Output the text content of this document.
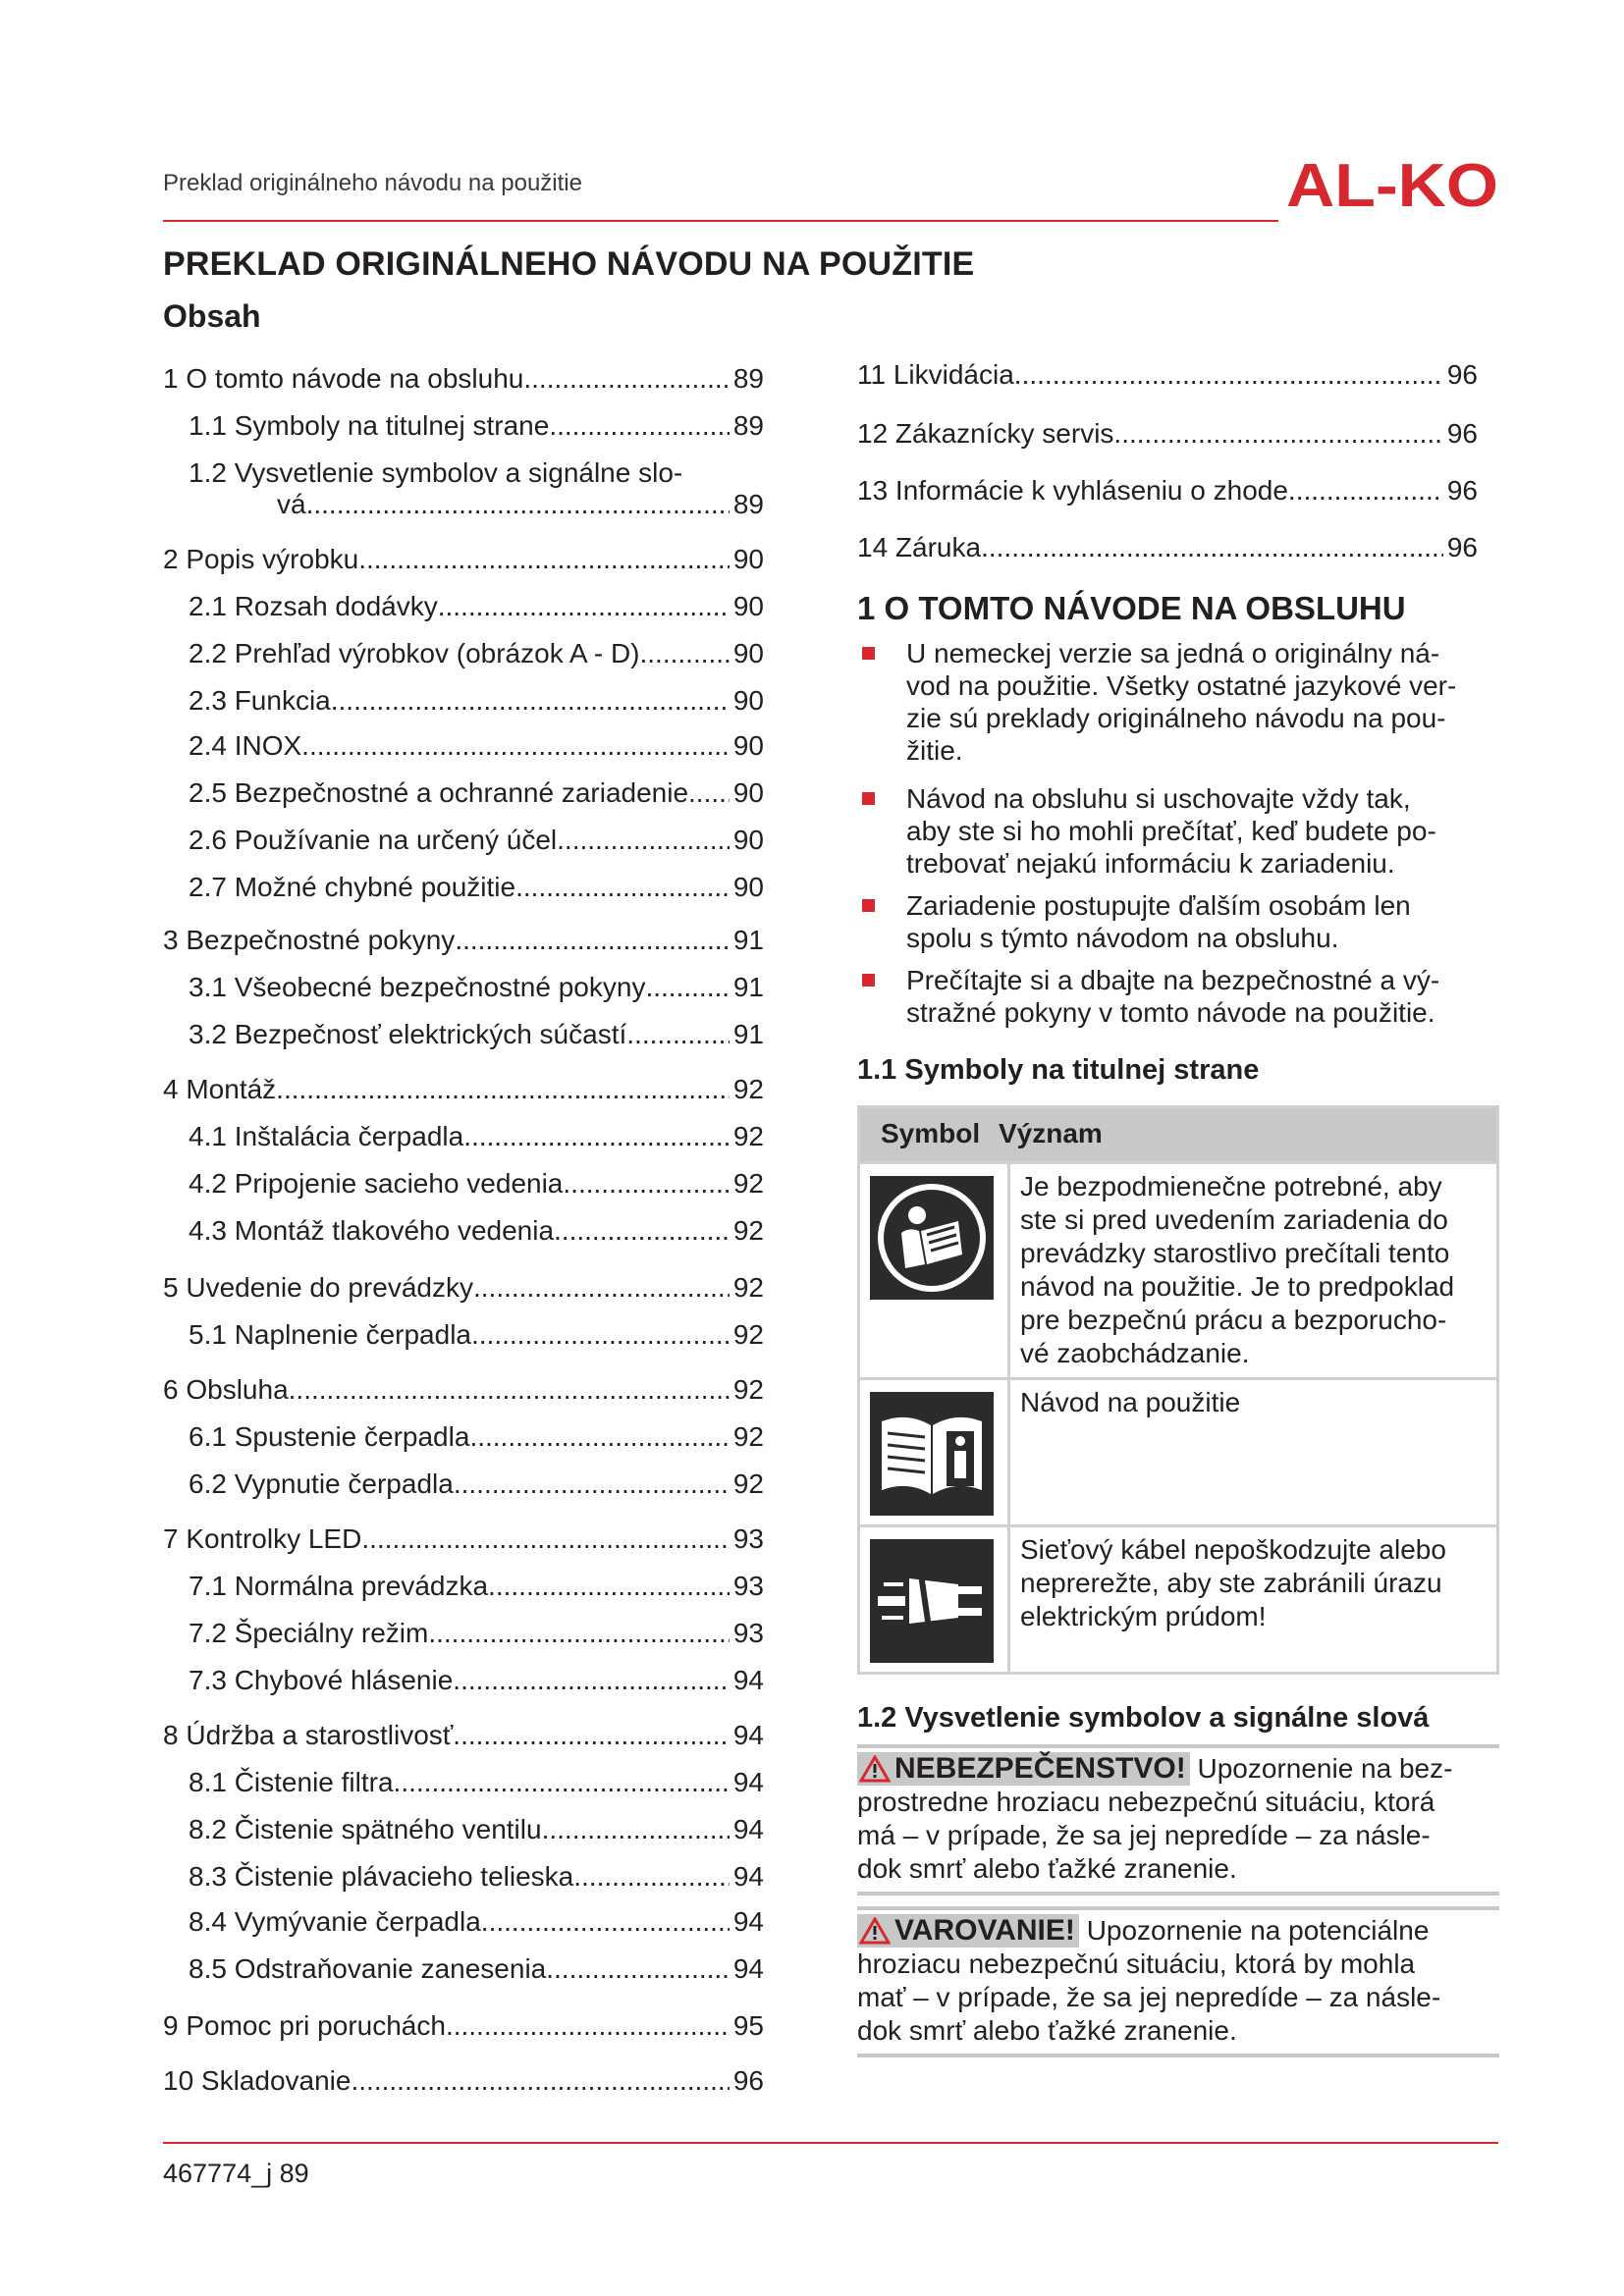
Preklad originálneho návodu na použitie	AL-KO
PREKLAD ORIGINÁLNEHO NÁVODU NA POUŽITIE
Obsah
1 O tomto návode na obsluhu .....	89
1.1 Symboly na titulnej strane .....	89
1.2 Vysvetlenie symbolov a signálne slo-
vá .....	89
2 Popis výrobku .....	90
2.1 Rozsah dodávky .....	90
2.2 Prehľad výrobkov (obrázok A - D) .....	90
2.3 Funkcia .....	90
2.4 INOX .....	90
2.5 Bezpečnostné a ochranné zariadenie ..... 90
2.6 Používanie na určený účel .....	90
2.7 Možné chybné použitie .....	90
3 Bezpečnostné pokyny .....	91
3.1 Všeobecné bezpečnostné pokyny .....	91
3.2 Bezpečnosť elektrických súčastí .....	91
4 Montáž .....	92
4.1 Inštalácia čerpadla .....	92
4.2 Pripojenie sacieho vedenia .....	92
4.3 Montáž tlakového vedenia .....	92
5 Uvedenie do prevádzky .....	92
5.1 Naplnenie čerpadla .....	92
6 Obsluha .....	92
6.1 Spustenie čerpadla .....	92
6.2 Vypnutie čerpadla .....	92
7 Kontrolky LED .....	93
7.1 Normálna prevádzka .....	93
7.2 Špeciálny režim .....	93
7.3 Chybové hlásenie .....	94
8 Údržba a starostlivosť .....	94
8.1 Čistenie filtra .....	94
8.2 Čistenie spätného ventilu .....	94
8.3 Čistenie plávacieho telieska .....	94
8.4 Vymývanie čerpadla .....	94
8.5 Odstraňovanie zanesenia .....	94
9 Pomoc pri poruchách .....	95
10 Skladovanie .....	96
11 Likvidácia .....	96
12 Zákaznícky servis .....	96
13 Informácie k vyhláseniu o zhode .....	96
14 Záruka .....	96
1 O TOMTO NÁVODE NA OBSLUHU
U nemeckej verzie sa jedná o originálny ná-
vod na použitie. Všetky ostatné jazykové ver-
zie sú preklady originálneho návodu na pou-
žitie.
Návod na obsluhu si uschovajte vždy tak,
aby ste si ho mohli prečítať, keď budete po-
trebovať nejakú informáciu k zariadeniu.
Zariadenie postupujte ďalším osobám len
spolu s týmto návodom na obsluhu.
Prečítajte si a dbajte na bezpečnostné a vý-
stražné pokyny v tomto návode na použitie.
1.1 Symboly na titulnej strane
Symbol Význam
Je bezpodmienečne potrebné, aby
ste si pred uvedením zariadenia do
prevádzky starostlivo prečítali tento
návod na použitie. Je to predpoklad
pre bezpečnú prácu a bezporucho-
vé zaobchádzanie.
Návod na použitie
Sieťový kábel nepoškodzujte alebo
neprerežte, aby ste zabránili úrazu
elektrickým prúdom!
1.2 Vysvetlenie symbolov a signálne slová
NEBEZPEČENSTVO! Upozornenie na bez-
prostredne hroziacu nebezpečnú situáciu, ktorá
má – v prípade, že sa jej nepredíde – za násle-
dok smrť alebo ťažké zranenie.
VAROVANIE! Upozornenie na potenciálne
hroziacu nebezpečnú situáciu, ktorá by mohla
mať – v prípade, že sa jej nepredíde – za násle-
dok smrť alebo ťažké zranenie.
467774_j 89
